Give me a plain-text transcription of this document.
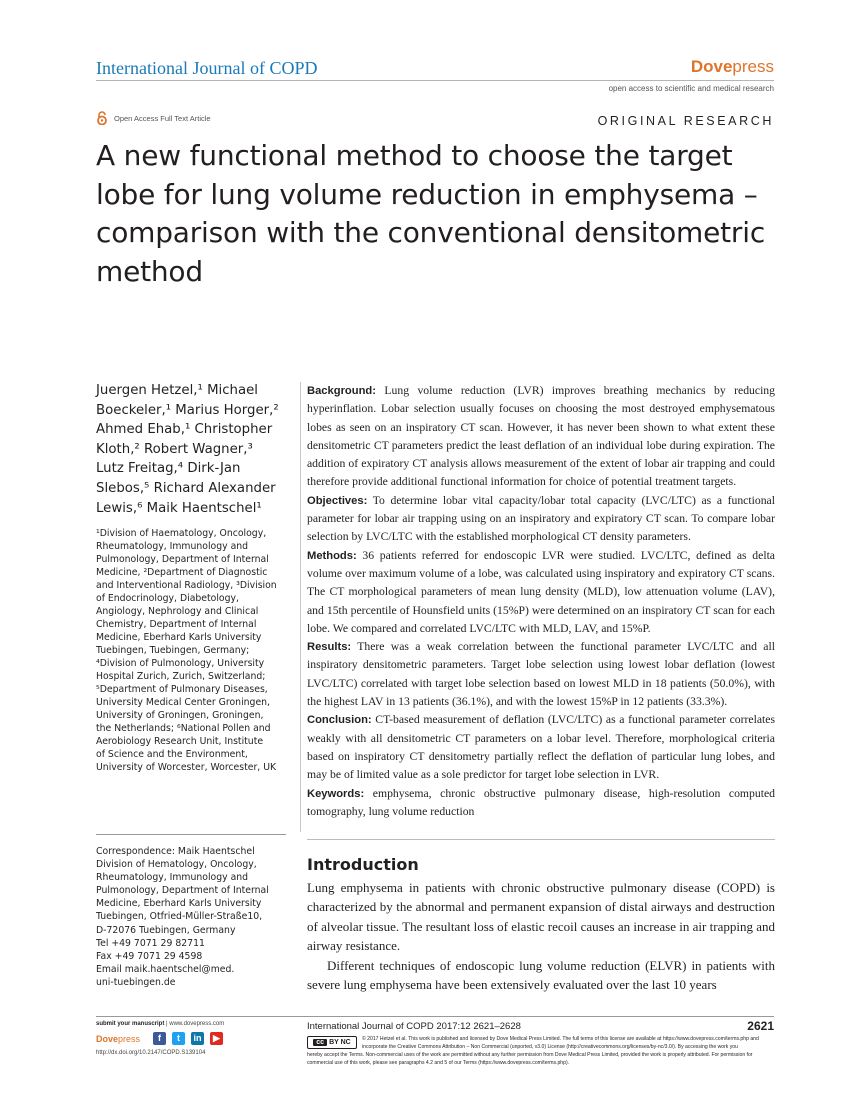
International Journal of COPD	Dovepress
open access to scientific and medical research
Open Access Full Text Article	ORIGINAL RESEARCH
A new functional method to choose the target lobe for lung volume reduction in emphysema – comparison with the conventional densitometric method
Juergen Hetzel,¹ Michael
Boeckeler,¹ Marius Horger,²
Ahmed Ehab,¹ Christopher
Kloth,² Robert Wagner,³
Lutz Freitag,⁴ Dirk-Jan
Slebos,⁵ Richard Alexander
Lewis,⁶ Maik Haentschel¹
¹Division of Haematology, Oncology,
Rheumatology, Immunology and
Pulmonology, Department of Internal
Medicine, ²Department of Diagnostic
and Interventional Radiology, ³Division
of Endocrinology, Diabetology,
Angiology, Nephrology and Clinical
Chemistry, Department of Internal
Medicine, Eberhard Karls University
Tuebingen, Tuebingen, Germany;
⁴Division of Pulmonology, University
Hospital Zurich, Zurich, Switzerland;
⁵Department of Pulmonary Diseases,
University Medical Center Groningen,
University of Groningen, Groningen,
the Netherlands; ⁶National Pollen and
Aerobiology Research Unit, Institute
of Science and the Environment,
University of Worcester, Worcester, UK
Correspondence: Maik Haentschel
Division of Hematology, Oncology,
Rheumatology, Immunology and
Pulmonology, Department of Internal
Medicine, Eberhard Karls University
Tuebingen, Otfried-Müller-Straße10,
D-72076 Tuebingen, Germany
Tel +49 7071 29 82711
Fax +49 7071 29 4598
Email maik.haentschel@med.
uni-tuebingen.de

Background: Lung volume reduction (LVR) improves breathing mechanics by reducing hyperinflation. Lobar selection usually focuses on choosing the most destroyed emphysematous lobes as seen on an inspiratory CT scan. However, it has never been shown to what extent these densitometric CT parameters predict the least deflation of an individual lobe during expiration. The addition of expiratory CT analysis allows measurement of the extent of lobar air trapping and could therefore provide additional functional information for choice of potential treatment targets.

Objectives: To determine lobar vital capacity/lobar total capacity (LVC/LTC) as a functional parameter for lobar air trapping using on an inspiratory and expiratory CT scan. To compare lobar selection by LVC/LTC with the established morphological CT density parameters.

Methods: 36 patients referred for endoscopic LVR were studied. LVC/LTC, defined as delta volume over maximum volume of a lobe, was calculated using inspiratory and expiratory CT scans. The CT morphological parameters of mean lung density (MLD), low attenuation volume (LAV), and 15th percentile of Hounsfield units (15%P) were determined on an inspiratory CT scan for each lobe. We compared and correlated LVC/LTC with MLD, LAV, and 15%P.

Results: There was a weak correlation between the functional parameter LVC/LTC and all inspiratory densitometric parameters. Target lobe selection using lowest lobar deflation (lowest LVC/LTC) correlated with target lobe selection based on lowest MLD in 18 patients (50.0%), with the highest LAV in 13 patients (36.1%), and with the lowest 15%P in 12 patients (33.3%).

Conclusion: CT-based measurement of deflation (LVC/LTC) as a functional parameter correlates weakly with all densitometric CT parameters on a lobar level. Therefore, morphological criteria based on inspiratory CT densitometry partially reflect the deflation of particular lung lobes, and may be of limited value as a sole predictor for target lobe selection in LVR.

Keywords: emphysema, chronic obstructive pulmonary disease, high-resolution computed tomography, lung volume reduction

Introduction

Lung emphysema in patients with chronic obstructive pulmonary disease (COPD) is characterized by the abnormal and permanent expansion of distal airways and destruction of alveolar tissue. The resultant loss of elastic recoil causes an increase in air trapping and airway resistance.

Different techniques of endoscopic lung volume reduction (ELVR) in patients with severe lung emphysema have been extensively evaluated over the last 10 years

submit your manuscript | www.dovepress.com
Dovepress	f	t	in	▶
http://dx.doi.org/10.2147/COPD.S139104
International Journal of COPD 2017:12 2621–2628	2621
cc BY NC © 2017 Hetzel et al. This work is published and licensed by Dove Medical Press Limited. The full terms of this license are available at https://www.dovepress.com/terms.php and incorporate the Creative Commons Attribution – Non Commercial (unported, v3.0) License (http://creativecommons.org/licenses/by-nc/3.0/). By accessing the work you
hereby accept the Terms. Non-commercial uses of the work are permitted without any further permission from Dove Medical Press Limited, provided the work is properly attributed. For permission for commercial use of this work, please see paragraphs 4.2 and 5 of our Terms (https://www.dovepress.com/terms.php).
